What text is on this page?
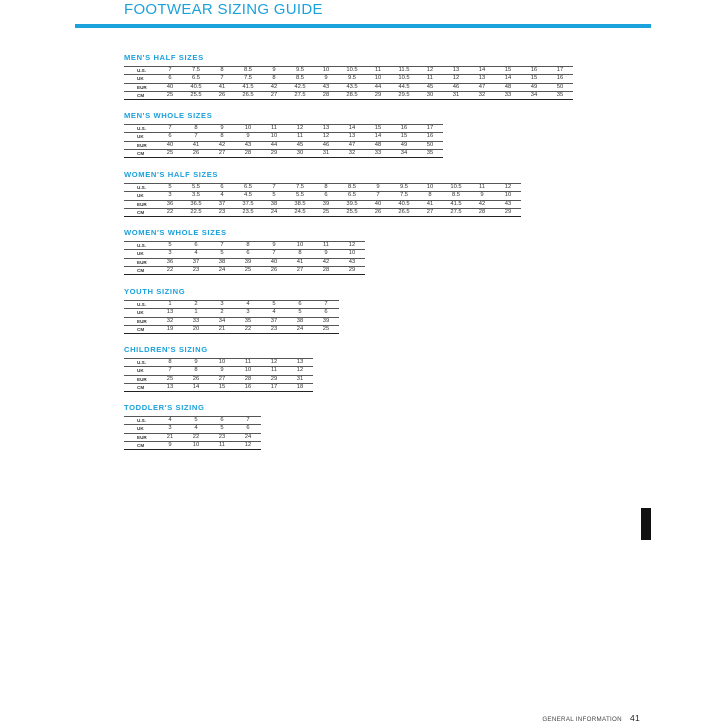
FOOTWEAR SIZING GUIDE
MEN'S HALF SIZES
U.S.	7	7.5	8	8.5	9	9.5	10	10.5	11	11.5	12	13	14	15	16	17
UK	6	6.5	7	7.5	8	8.5	9	9.5	10	10.5	11	12	13	14	15	16
EUR	40	40.5	41	41.5	42	42.5	43	43.5	44	44.5	45	46	47	48	49	50
CM	25	25.5	26	26.5	27	27.5	28	28.5	29	29.5	30	31	32	33	34	35
MEN'S WHOLE SIZES
U.S.	7	8	9	10	11	12	13	14	15	16	17
UK	6	7	8	9	10	11	12	13	14	15	16
EUR	40	41	42	43	44	45	46	47	48	49	50
CM	25	26	27	28	29	30	31	32	33	34	35
WOMEN'S HALF SIZES
U.S.	5	5.5	6	6.5	7	7.5	8	8.5	9	9.5	10	10.5	11	12
UK	3	3.5	4	4.5	5	5.5	6	6.5	7	7.5	8	8.5	9	10
EUR	36	36.5	37	37.5	38	38.5	39	39.5	40	40.5	41	41.5	42	43
CM	22	22.5	23	23.5	24	24.5	25	25.5	26	26.5	27	27.5	28	29
WOMEN'S WHOLE SIZES
U.S.	5	6	7	8	9	10	11	12
UK	3	4	5	6	7	8	9	10
EUR	36	37	38	39	40	41	42	43
CM	22	23	24	25	26	27	28	29
YOUTH SIZING
U.S.	1	2	3	4	5	6	7
UK	13	1	2	3	4	5	6
EUR	32	33	34	35	37	38	39
CM	19	20	21	22	23	24	25
CHILDREN'S SIZING
U.S.	8	9	10	11	12	13
UK	7	8	9	10	11	12
EUR	25	26	27	28	29	31
CM	13	14	15	16	17	18
TODDLER'S SIZING
U.S.	4	5	6	7
UK	3	4	5	6
EUR	21	22	23	24
CM	9	10	11	12
GENERAL INFORMATION 41
